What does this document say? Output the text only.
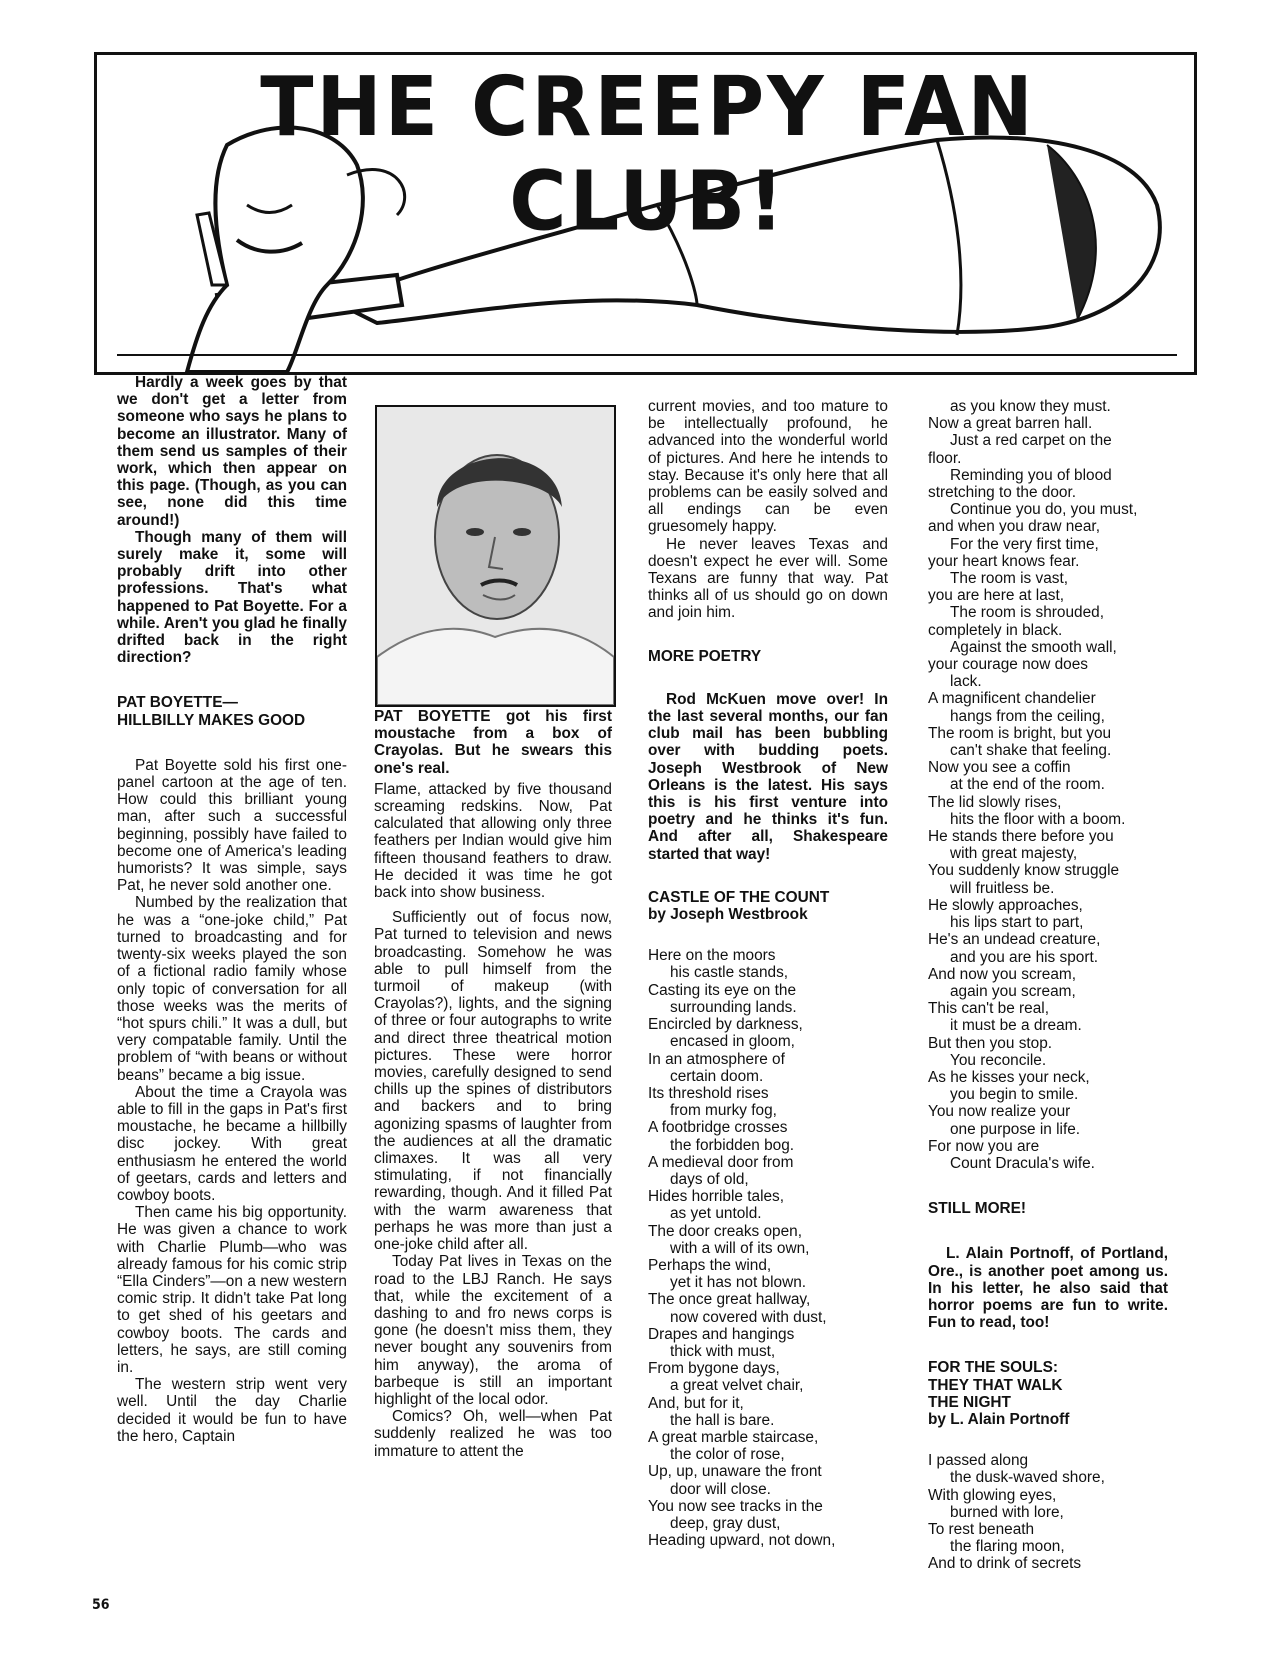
THE CREEPY FAN CLUB!

Hardly a week goes by that we don't get a letter from someone who says he plans to become an illustrator. Many of them send us samples of their work, which then appear on this page. (Though, as you can see, none did this time around!)

Though many of them will surely make it, some will probably drift into other professions. That's what happened to Pat Boyette. For a while. Aren't you glad he finally drifted back in the right direction?

PAT BOYETTE—

HILLBILLY MAKES GOOD

Pat Boyette sold his first one-panel cartoon at the age of ten. How could this brilliant young man, after such a successful beginning, possibly have failed to become one of America's leading humorists? It was simple, says Pat, he never sold another one.

Numbed by the realization that he was a “one-joke child,” Pat turned to broadcasting and for twenty-six weeks played the son of a fictional radio family whose only topic of conversation for all those weeks was the merits of “hot spurs chili.” It was a dull, but very compatable family. Until the problem of “with beans or without beans” became a big issue.

About the time a Crayola was able to fill in the gaps in Pat's first moustache, he became a hillbilly disc jockey. With great enthusiasm he entered the world of geetars, cards and letters and cowboy boots.

Then came his big opportunity. He was given a chance to work with Charlie Plumb—who was already famous for his comic strip “Ella Cinders”—on a new western comic strip. It didn't take Pat long to get shed of his geetars and cowboy boots. The cards and letters, he says, are still coming in.

The western strip went very well. Until the day Charlie decided it would be fun to have the hero, Captain

PAT BOYETTE got his first moustache from a box of Crayolas. But he swears this one's real.

Flame, attacked by five thousand screaming redskins. Now, Pat calculated that allowing only three feathers per Indian would give him fifteen thousand feathers to draw. He decided it was time he got back into show business.

Sufficiently out of focus now, Pat turned to television and news broadcasting. Somehow he was able to pull himself from the turmoil of makeup (with Crayolas?), lights, and the signing of three or four autographs to write and direct three theatrical motion pictures. These were horror movies, carefully designed to send chills up the spines of distributors and backers and to bring agonizing spasms of laughter from the audiences at all the dramatic climaxes. It was all very stimulating, if not financially rewarding, though. And it filled Pat with the warm awareness that perhaps he was more than just a one-joke child after all.

Today Pat lives in Texas on the road to the LBJ Ranch. He says that, while the excitement of a dashing to and fro news corps is gone (he doesn't miss them, they never bought any souvenirs from him anyway), the aroma of barbeque is still an important highlight of the local odor.

Comics? Oh, well—when Pat suddenly realized he was too immature to attent the

current movies, and too mature to be intellectually profound, he advanced into the wonderful world of pictures. And here he intends to stay. Because it's only here that all problems can be easily solved and all endings can be even gruesomely happy.

He never leaves Texas and doesn't expect he ever will. Some Texans are funny that way. Pat thinks all of us should go on down and join him.

MORE POETRY

Rod McKuen move over! In the last several months, our fan club mail has been bubbling over with budding poets. Joseph Westbrook of New Orleans is the latest. His says this is his first venture into poetry and he thinks it's fun. And after all, Shakespeare started that way!

CASTLE OF THE COUNT

by Joseph Westbrook

Here on the moors

his castle stands,

Casting its eye on the

surrounding lands.

Encircled by darkness,

encased in gloom,

In an atmosphere of

certain doom.

Its threshold rises

from murky fog,

A footbridge crosses

the forbidden bog.

A medieval door from

days of old,

Hides horrible tales,

as yet untold.

The door creaks open,

with a will of its own,

Perhaps the wind,

yet it has not blown.

The once great hallway,

now covered with dust,

Drapes and hangings

thick with must,

From bygone days,

a great velvet chair,

And, but for it,

the hall is bare.

A great marble staircase,

the color of rose,

Up, up, unaware the front

door will close.

You now see tracks in the

deep, gray dust,

Heading upward, not down,

as you know they must.

Now a great barren hall.

Just a red carpet on the

floor.

Reminding you of blood

stretching to the door.

Continue you do, you must,

and when you draw near,

For the very first time,

your heart knows fear.

The room is vast,

you are here at last,

The room is shrouded,

completely in black.

Against the smooth wall,

your courage now does

lack.

A magnificent chandelier

hangs from the ceiling,

The room is bright, but you

can't shake that feeling.

Now you see a coffin

at the end of the room.

The lid slowly rises,

hits the floor with a boom.

He stands there before you

with great majesty,

You suddenly know struggle

will fruitless be.

He slowly approaches,

his lips start to part,

He's an undead creature,

and you are his sport.

And now you scream,

again you scream,

This can't be real,

it must be a dream.

But then you stop.

You reconcile.

As he kisses your neck,

you begin to smile.

You now realize your

one purpose in life.

For now you are

Count Dracula's wife.

STILL MORE!

L. Alain Portnoff, of Portland, Ore., is another poet among us. In his letter, he also said that horror poems are fun to write. Fun to read, too!

FOR THE SOULS:

THEY THAT WALK

THE NIGHT

by L. Alain Portnoff

I passed along

the dusk-waved shore,

With glowing eyes,

burned with lore,

To rest beneath

the flaring moon,

And to drink of secrets

56
